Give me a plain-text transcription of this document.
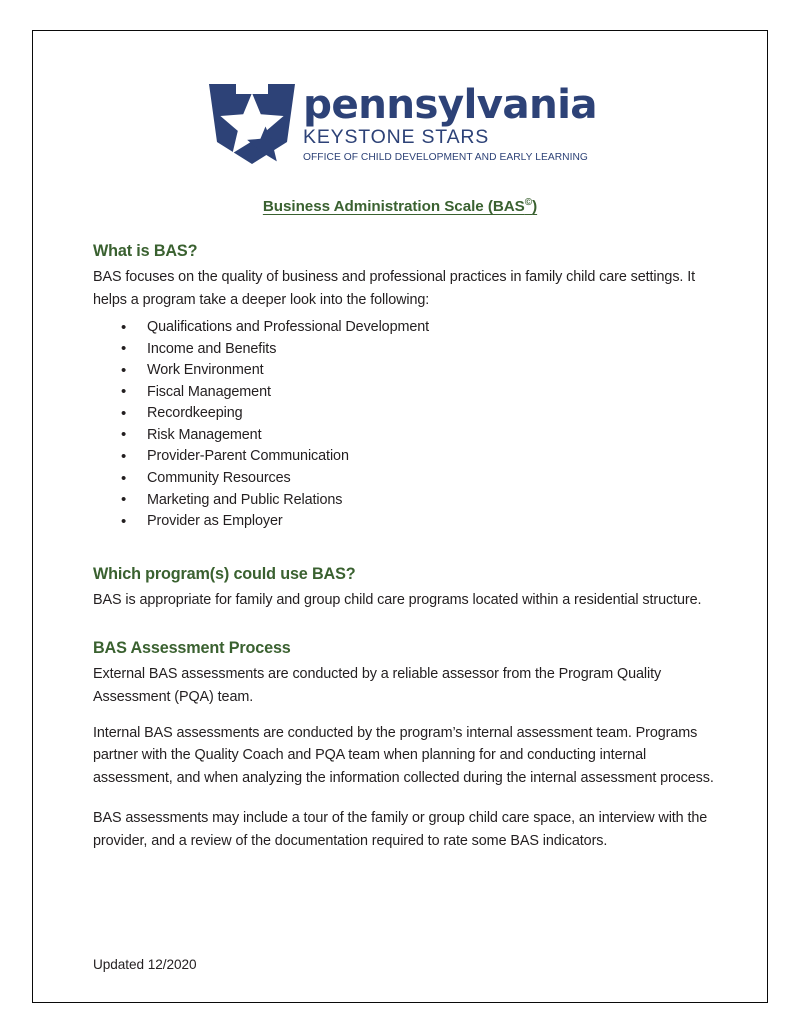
pennsylvania
KEYSTONE STARS
OFFICE OF CHILD DEVELOPMENT AND EARLY LEARNING
Business Administration Scale (BAS©)
What is BAS?

BAS focuses on the quality of business and professional practices in family child care settings. It helps a program take a deeper look into the following:

• Qualifications and Professional Development
• Income and Benefits
• Work Environment
• Fiscal Management
• Recordkeeping
• Risk Management
• Provider-Parent Communication
• Community Resources
• Marketing and Public Relations
• Provider as Employer
Which program(s) could use BAS?

BAS is appropriate for family and group child care programs located within a residential structure.

BAS Assessment Process

External BAS assessments are conducted by a reliable assessor from the Program Quality Assessment (PQA) team.

Internal BAS assessments are conducted by the program’s internal assessment team. Programs partner with the Quality Coach and PQA team when planning for and conducting internal assessment, and when analyzing the information collected during the internal assessment process.

BAS assessments may include a tour of the family or group child care space, an interview with the provider, and a review of the documentation required to rate some BAS indicators.

Updated 12/2020
